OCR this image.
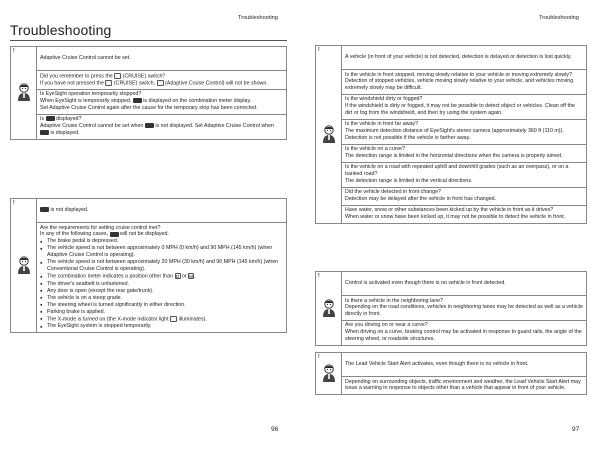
Troubleshooting
Troubleshooting
!
	Adaptive Cruise Control cannot be set.
Did you remember to press the (CRUISE) switch?
If you have not pressed the (CRUISE) switch, (Adaptive Cruise Control) will not be shown.

Is EyeSight operation temporarily stopped?
When EyeSight is temporarily stopped, is displayed on the combination meter display.
Set Adaptive Cruise Control again after the cause for the temporary stop has been corrected.
Is displayed?
Adaptive Cruise Control cannot be set when is not displayed. Set Adaptive Cruise Control when  is displayed.
!
	is not displayed.

Are the requirements for setting cruise control met?
In any of the following cases, will not be displayed.
● The brake pedal is depressed.
● The vehicle speed is not between approximately 0 MPH (0 km/h) and 90 MPH (145 km/h) (when Adaptive Cruise Control is operating).
● The vehicle speed is not between approximately 20 MPH (30 km/h) and 90 MPH (145 km/h) (when Conventional Cruise Control is operating).
● The combination meter indicates a position other than D or M.
● The driver's seatbelt is unfastened.
● Any door is open (except the rear gate/trunk).
● The vehicle is on a steep grade.
● The steering wheel is turned significantly in either direction.
● Parking brake is applied.
● The X-mode is turned on (the X-mode indicator light illuminates).
● The EyeSight system is stopped temporarily.
96
Troubleshooting
!
	A vehicle (in front of your vehicle) is not detected, detection is delayed or detection is lost quickly.

Is the vehicle in front stopped, moving slowly relative to your vehicle or moving extremely slowly?
Detection of stopped vehicles, vehicle moving slowly relative to your vehicle, and vehicles moving extremely slowly may be difficult.

Is the windshield dirty or fogged?
If the windshield is dirty or fogged, it may not be possible to detect object or vehicles. Clean off the dirt or fog from the windshield, and then try using the system again.

Is the vehicle in front far away?
The maximum detection distance of EyeSight's stereo camera (approximately 360 ft (110 m)). Detection is not possible if the vehicle is farther away.

Is the vehicle on a curve?
The detection range is limited in the horizontal directions when the camera is properly aimed.

Is the vehicle on a road with repeated uphill and downhill grades (such as an overpass), or on a banked road?
The detection range is limited in the vertical directions.

Did the vehicle detected in front change?
Detection may be delayed after the vehicle in front has changed.

Have water, snow or other substances been kicked up by the vehicle in front as it drives?
When water or snow have been kicked up, it may not be possible to detect the vehicle in front.
!
	Control is activated even though there is no vehicle in front detected.

Is there a vehicle in the neighboring lane?
Depending on the road conditions, vehicles in neighboring lanes may be detected as well as a vehicle directly in front.

Are you driving on or near a curve?
When driving on a curve, braking control may be activated in response to guard rails, the angle of the steering wheel, or roadside structures.
!
	The Lead Vehicle Start Alert activates, even though there is no vehicle in front.
Depending on surrounding objects, traffic environment and weather, the Lead Vehicle Start Alert may issue a warning in response to objects other than a vehicle that appear in front of your vehicle.
97
